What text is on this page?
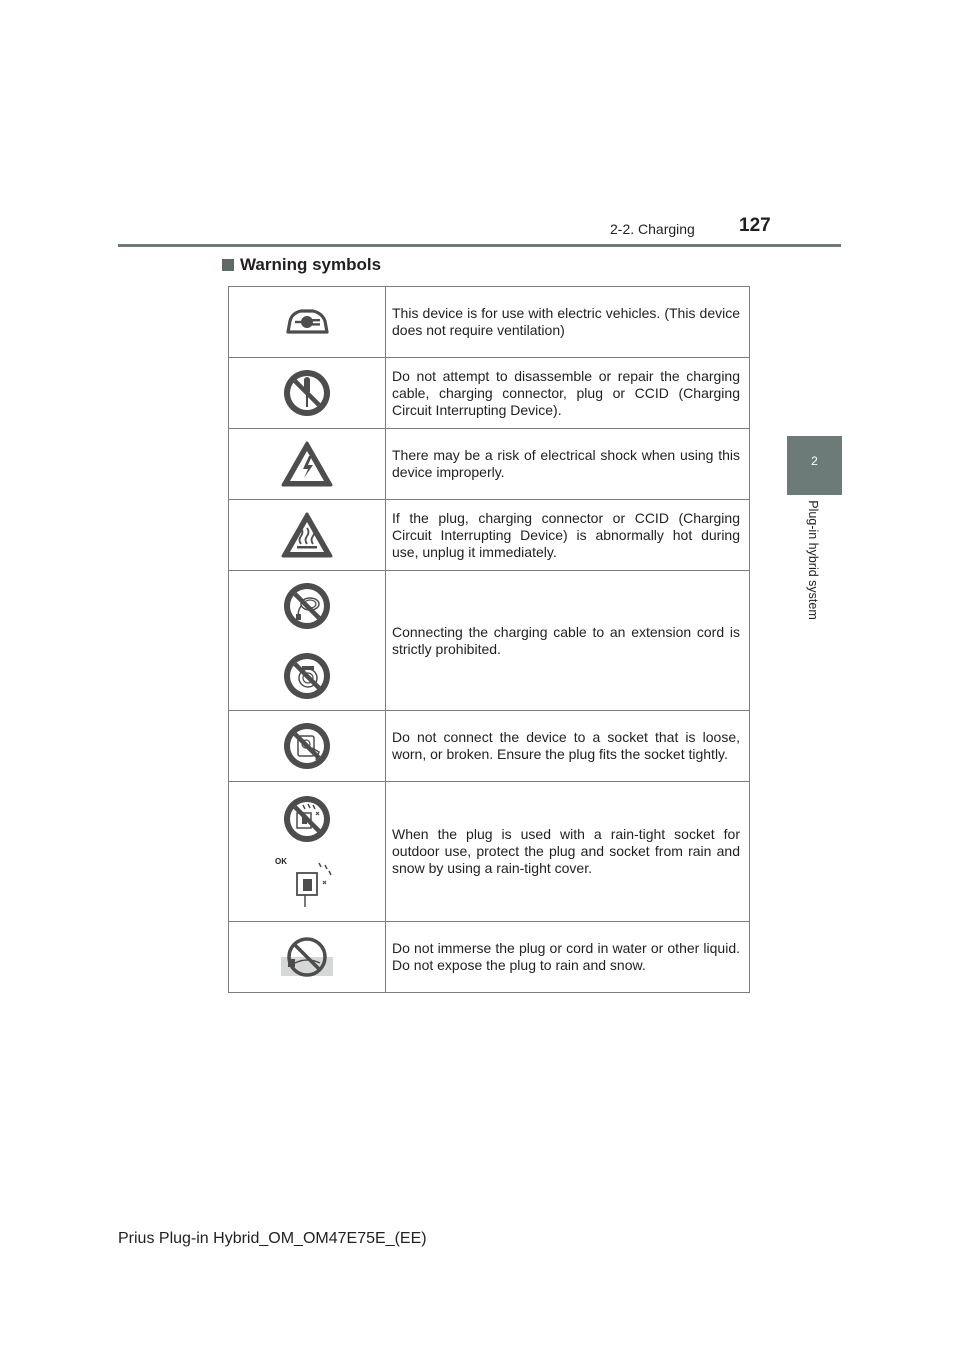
2-2. Charging 127
2
Plug-in hybrid system
Warning symbols
	This device is for use with electric vehicles. (This device does not require ventilation)

	Do not attempt to disassemble or repair the charging cable, charging connector, plug or CCID (Charging Circuit Interrupting Device).

	There may be a risk of electrical shock when using this device improperly.

	If the plug, charging connector or CCID (Charging Circuit Interrupting Device) is abnormally hot during use, unplug it immediately.

	Connecting the charging cable to an extension cord is strictly prohibited.

	Do not connect the device to a socket that is loose, worn, or broken. Ensure the plug fits the socket tightly.

OK	When the plug is used with a rain-tight socket for outdoor use, protect the plug and socket from rain and snow by using a rain-tight cover.

	Do not immerse the plug or cord in water or other liquid. Do not expose the plug to rain and snow.
Prius Plug-in Hybrid_OM_OM47E75E_(EE)
